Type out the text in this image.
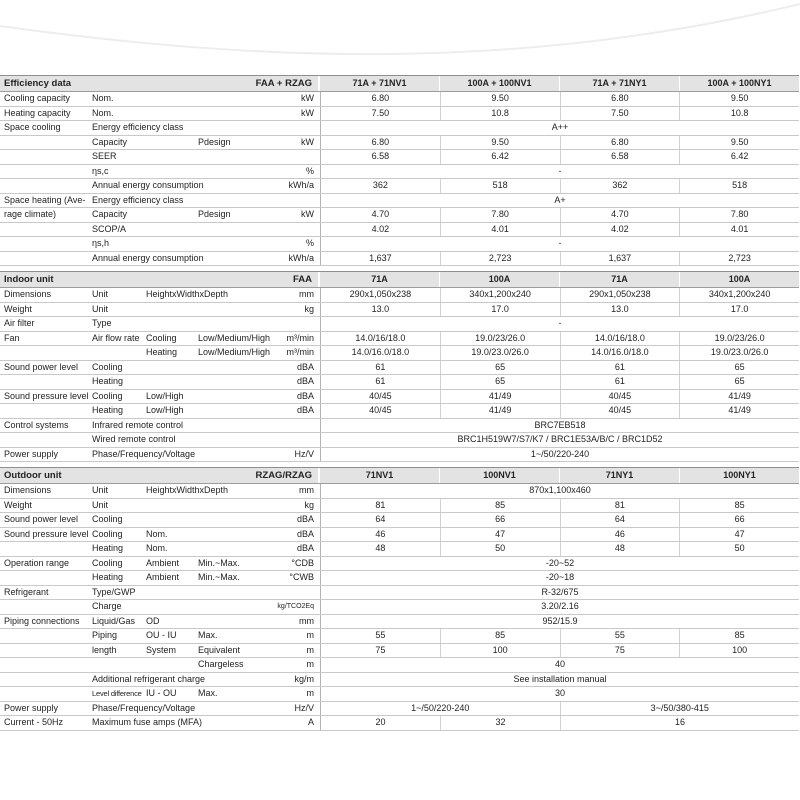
Efficiency data	FAA + RZAG	71A + 71NV1	100A + 100NV1	71A + 71NY1	100A + 100NY1
Cooling capacity Nom.	kW	6.80	9.50	6.80	9.50
Heating capacity Nom.	kW	7.50	10.8	7.50	10.8
Space cooling	Energy efficiency class	A++
Capacity	Pdesign	kW	6.80	9.50	6.80	9.50
SEER	6.58	6.42	6.58	6.42
ηs,c	%	-
Annual energy consumption	kWh/a	362	518	362	518
Space heating (Ave- Energy efficiency class	A+
rage climate)	Capacity	Pdesign	kW	4.70	7.80	4.70	7.80
SCOP/A	4.02	4.01	4.02	4.01
ηs,h	%	-
Annual energy consumption	kWh/a	1,637	2,723	1,637	2,723
Indoor unit	FAA	71A	100A	71A	100A
Dimensions	Unit	HeightxWidthxDepth	mm	290x1,050x238	340x1,200x240	290x1,050x238	340x1,200x240
Weight	Unit	kg	13.0	17.0	13.0	17.0
Air filter	Type	-
Fan	Air flow rate Cooling Low/Medium/High m³/min	14.0/16/18.0	19.0/23/26.0	14.0/16/18.0	19.0/23/26.0
Heating Low/Medium/High m³/min	14.0/16.0/18.0	19.0/23.0/26.0	14.0/16.0/18.0	19.0/23.0/26.0
Sound power level Cooling	dBA	61	65	61	65
Heating	dBA	61	65	61	65
Sound pressure level Cooling	Low/High	dBA	40/45	41/49	40/45	41/49
Heating	Low/High	dBA	40/45	41/49	40/45	41/49
Control systems	Infrared remote control	BRC7EB518
Wired remote control	BRC1H519W7/S7/K7 / BRC1E53A/B/C / BRC1D52
Power supply	Phase/Frequency/Voltage	Hz/V	1~/50/220-240
Outdoor unit	RZAG/RZAG	71NV1	100NV1	71NY1	100NY1
Dimensions	Unit	HeightxWidthxDepth	mm	870x1,100x460
Weight	Unit	kg	81	85	81	85
Sound power level Cooling	dBA	64	66	64	66
Sound pressure level Cooling	Nom.	dBA	46	47	46	47
Heating	Nom.	dBA	48	50	48	50
Operation range	Cooling	Ambient Min.~Max.	°CDB	-20~52
Heating	Ambient Min.~Max.	°CWB	-20~18
Refrigerant	Type/GWP	R-32/675
Charge	kg/TCO2Eq	3.20/2.16
Piping connections Liquid/Gas OD	mm	952/15.9
Piping	OU - IU Max.	m	55	85	55	85
length	System Equivalent	m	75	100	75	100
Chargeless	m	40
Additional refrigerant charge	kg/m	See installation manual
Level difference IU - OU Max.	m	30
Power supply	Phase/Frequency/Voltage	Hz/V	1~/50/220-240	3~/50/380-415
Current - 50Hz	Maximum fuse amps (MFA)	A	20	32	16
